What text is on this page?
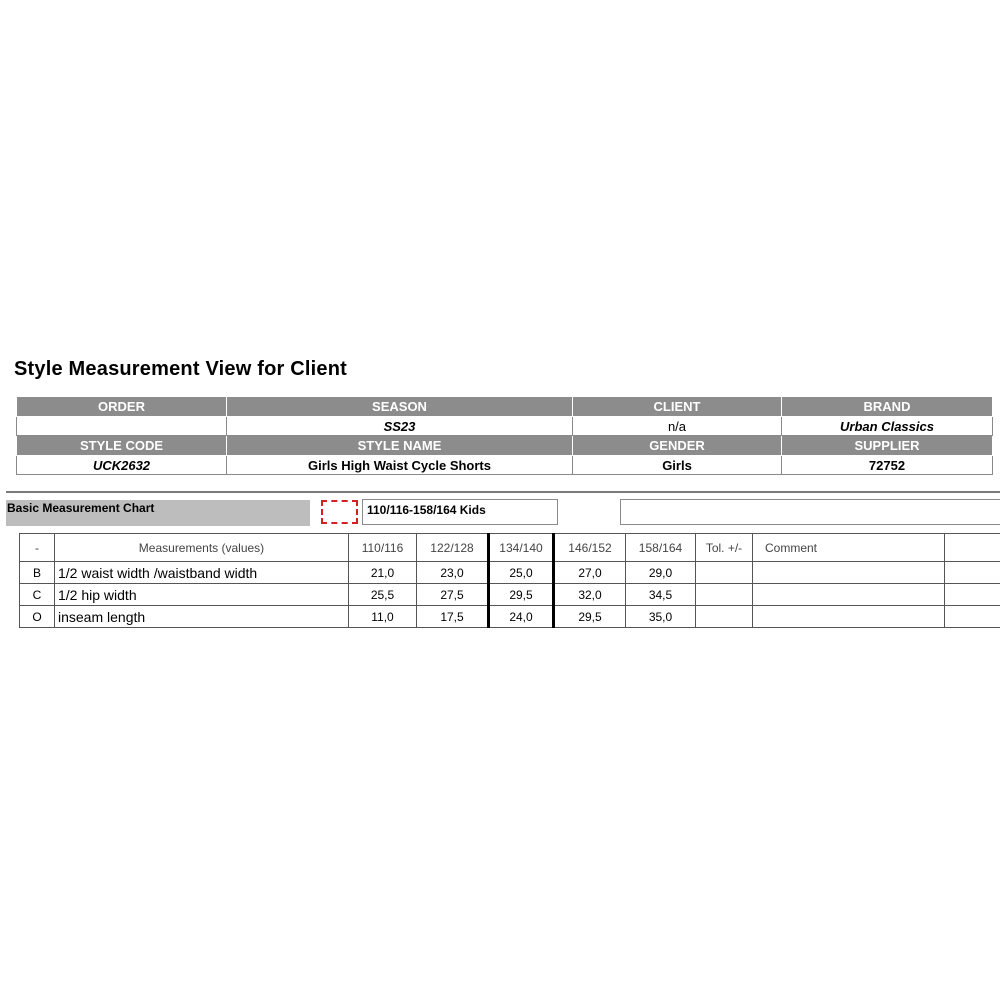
Style Measurement View for Client
ORDER	SEASON	CLIENT	BRAND
	SS23	n/a	Urban Classics
STYLE CODE	STYLE NAME	GENDER	SUPPLIER
UCK2632	Girls High Waist Cycle Shorts	Girls	72752
Basic Measurement Chart	110/116-158/164 Kids
-	Measurements (values)	110/116	122/128	134/140	146/152	158/164	Tol. +/-	Comment	
B	1/2 waist width /waistband width	21,0	23,0	25,0	27,0	29,0			
C	1/2 hip width	25,5	27,5	29,5	32,0	34,5			
O	inseam length	11,0	17,5	24,0	29,5	35,0			
